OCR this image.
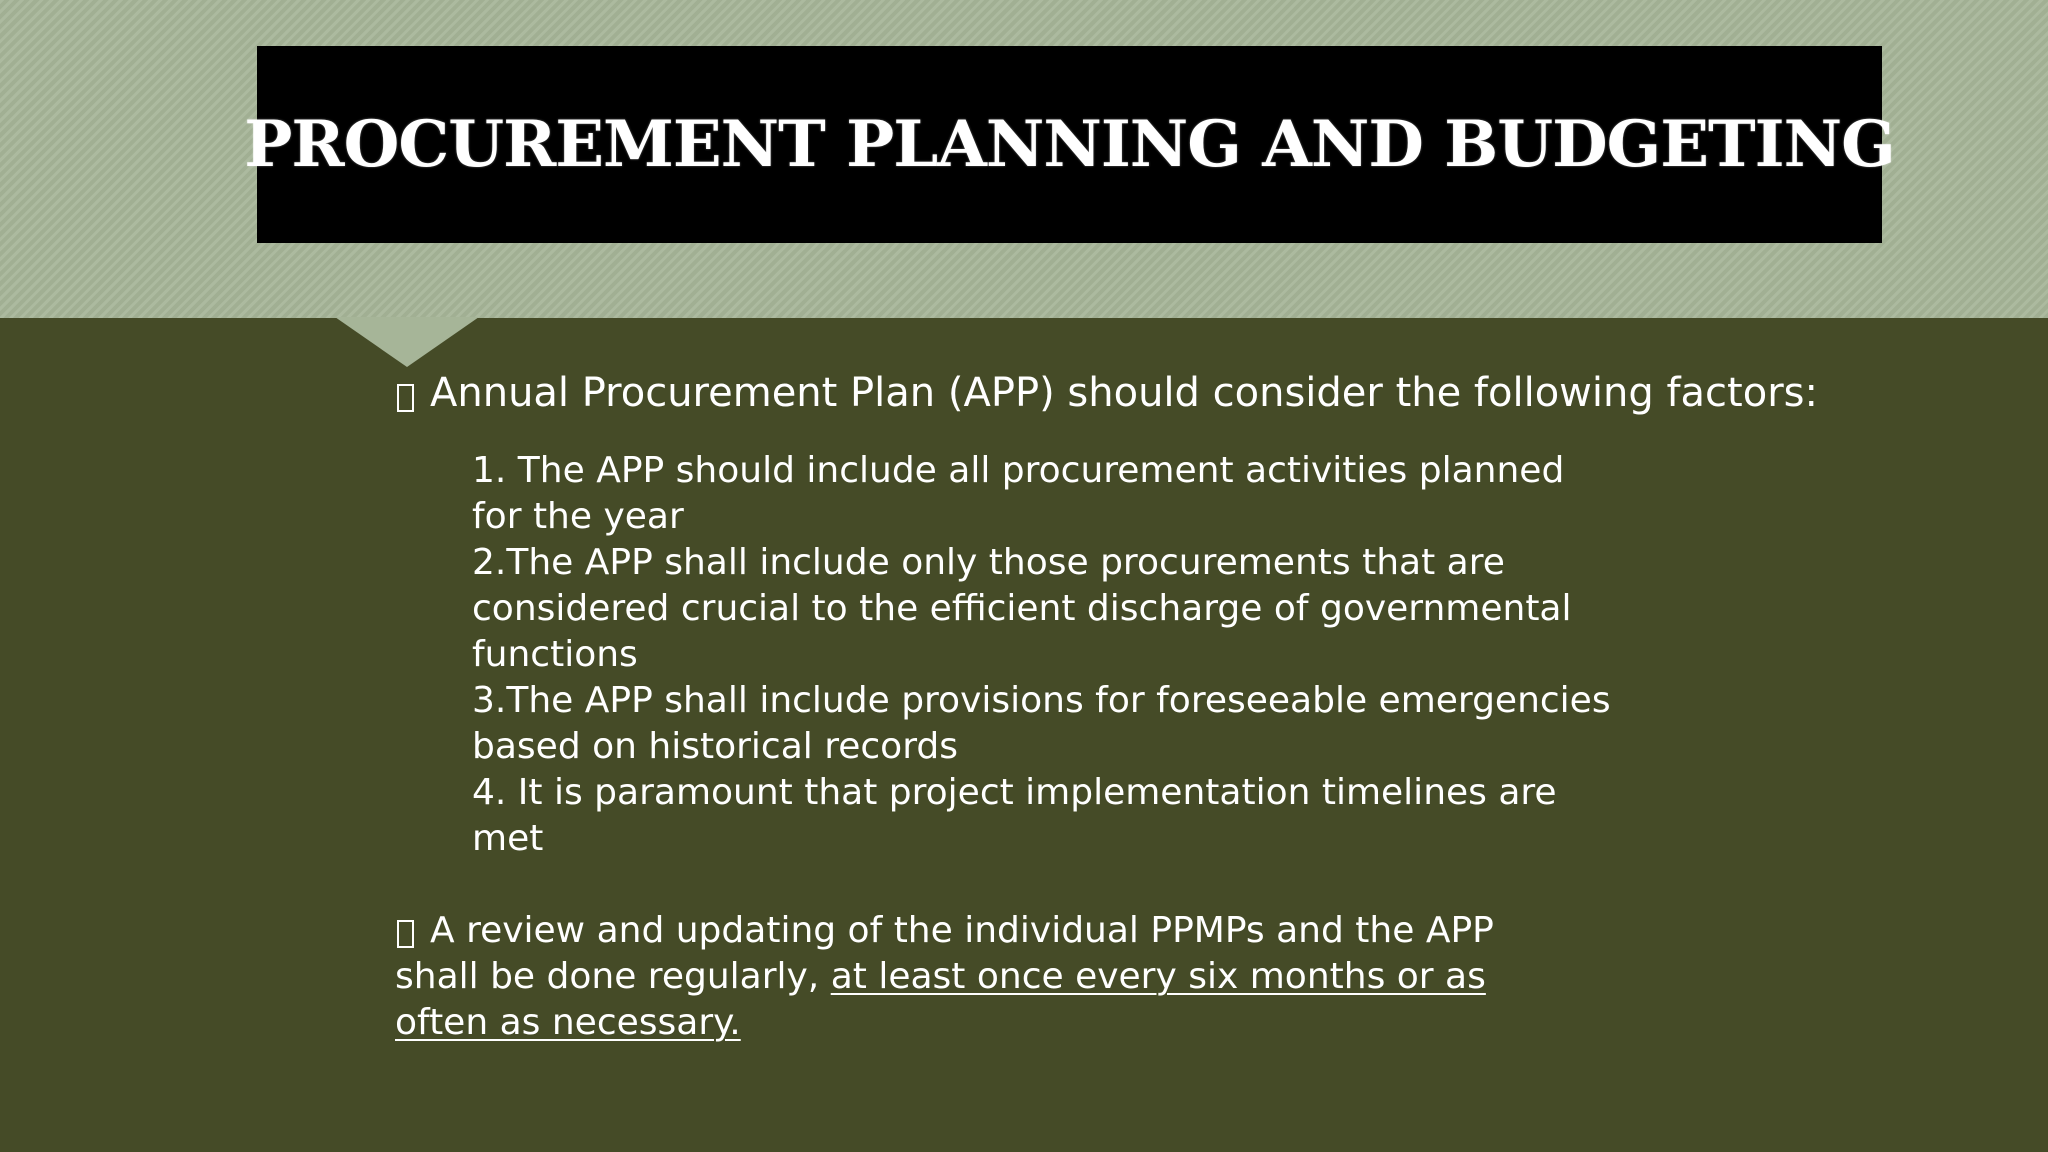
PROCUREMENT PLANNING AND BUDGETING
Annual Procurement Plan (APP) should consider the following factors:

1. The APP should include all procurement activities planned for the year

2.The APP shall include only those procurements that are considered crucial to the efficient discharge of governmental functions

3.The APP shall include provisions for foreseeable emergencies based on historical records

4. It is paramount that project implementation timelines are met

A review and updating of the individual PPMPs and the APP shall be done regularly, at least once every six months or as often as necessary.
